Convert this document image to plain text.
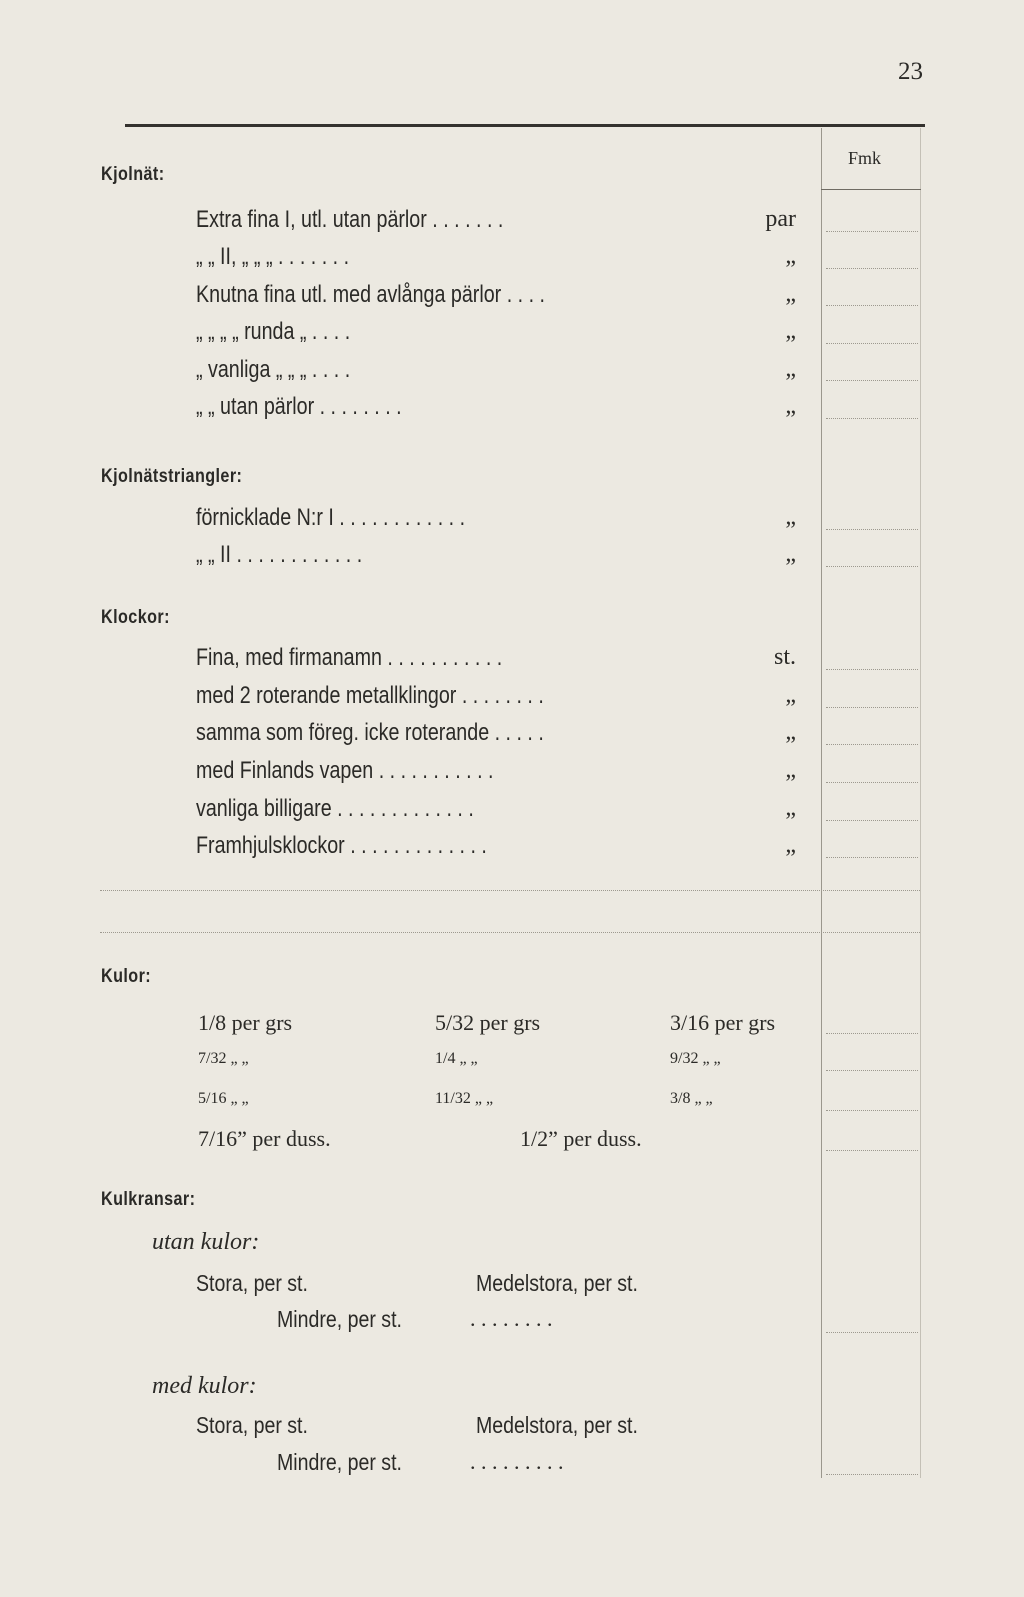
23
Fmk
Kjolnät:
Extra fina I, utl. utan pärlor . . . . . . .	par
„ „ II, „ „ „ . . . . . . .	„
Knutna fina utl. med avlånga pärlor . . . .	„
„ „ „ „ runda „ . . . .	„
„ vanliga „ „ „ . . . .	„
„ „ utan pärlor . . . . . . . .	„
Kjolnätstriangler:
förnicklade N:r I . . . . . . . . . . . .	„
„ „ II . . . . . . . . . . . .	„
Klockor:
Fina, med firmanamn . . . . . . . . . . .	st.
med 2 roterande metallklingor . . . . . . . .	„
samma som föreg. icke roterande . . . . .	„
med Finlands vapen . . . . . . . . . . .	„
vanliga billigare . . . . . . . . . . . . .	„
Framhjulsklockor . . . . . . . . . . . . .	„
Kulor:
1/8 per grs	5/32 per grs	3/16 per grs
7/32 „ „	1/4 „ „	9/32 „ „
5/16 „ „	11/32 „ „	3/8 „ „
7/16” per duss.	1/2” per duss.
Kulkransar:
utan kulor:
Stora, per st.	Medelstora, per st.
Mindre, per st.	. . . . . . . .
med kulor:
Stora, per st.	Medelstora, per st.
Mindre, per st.	. . . . . . . . .
